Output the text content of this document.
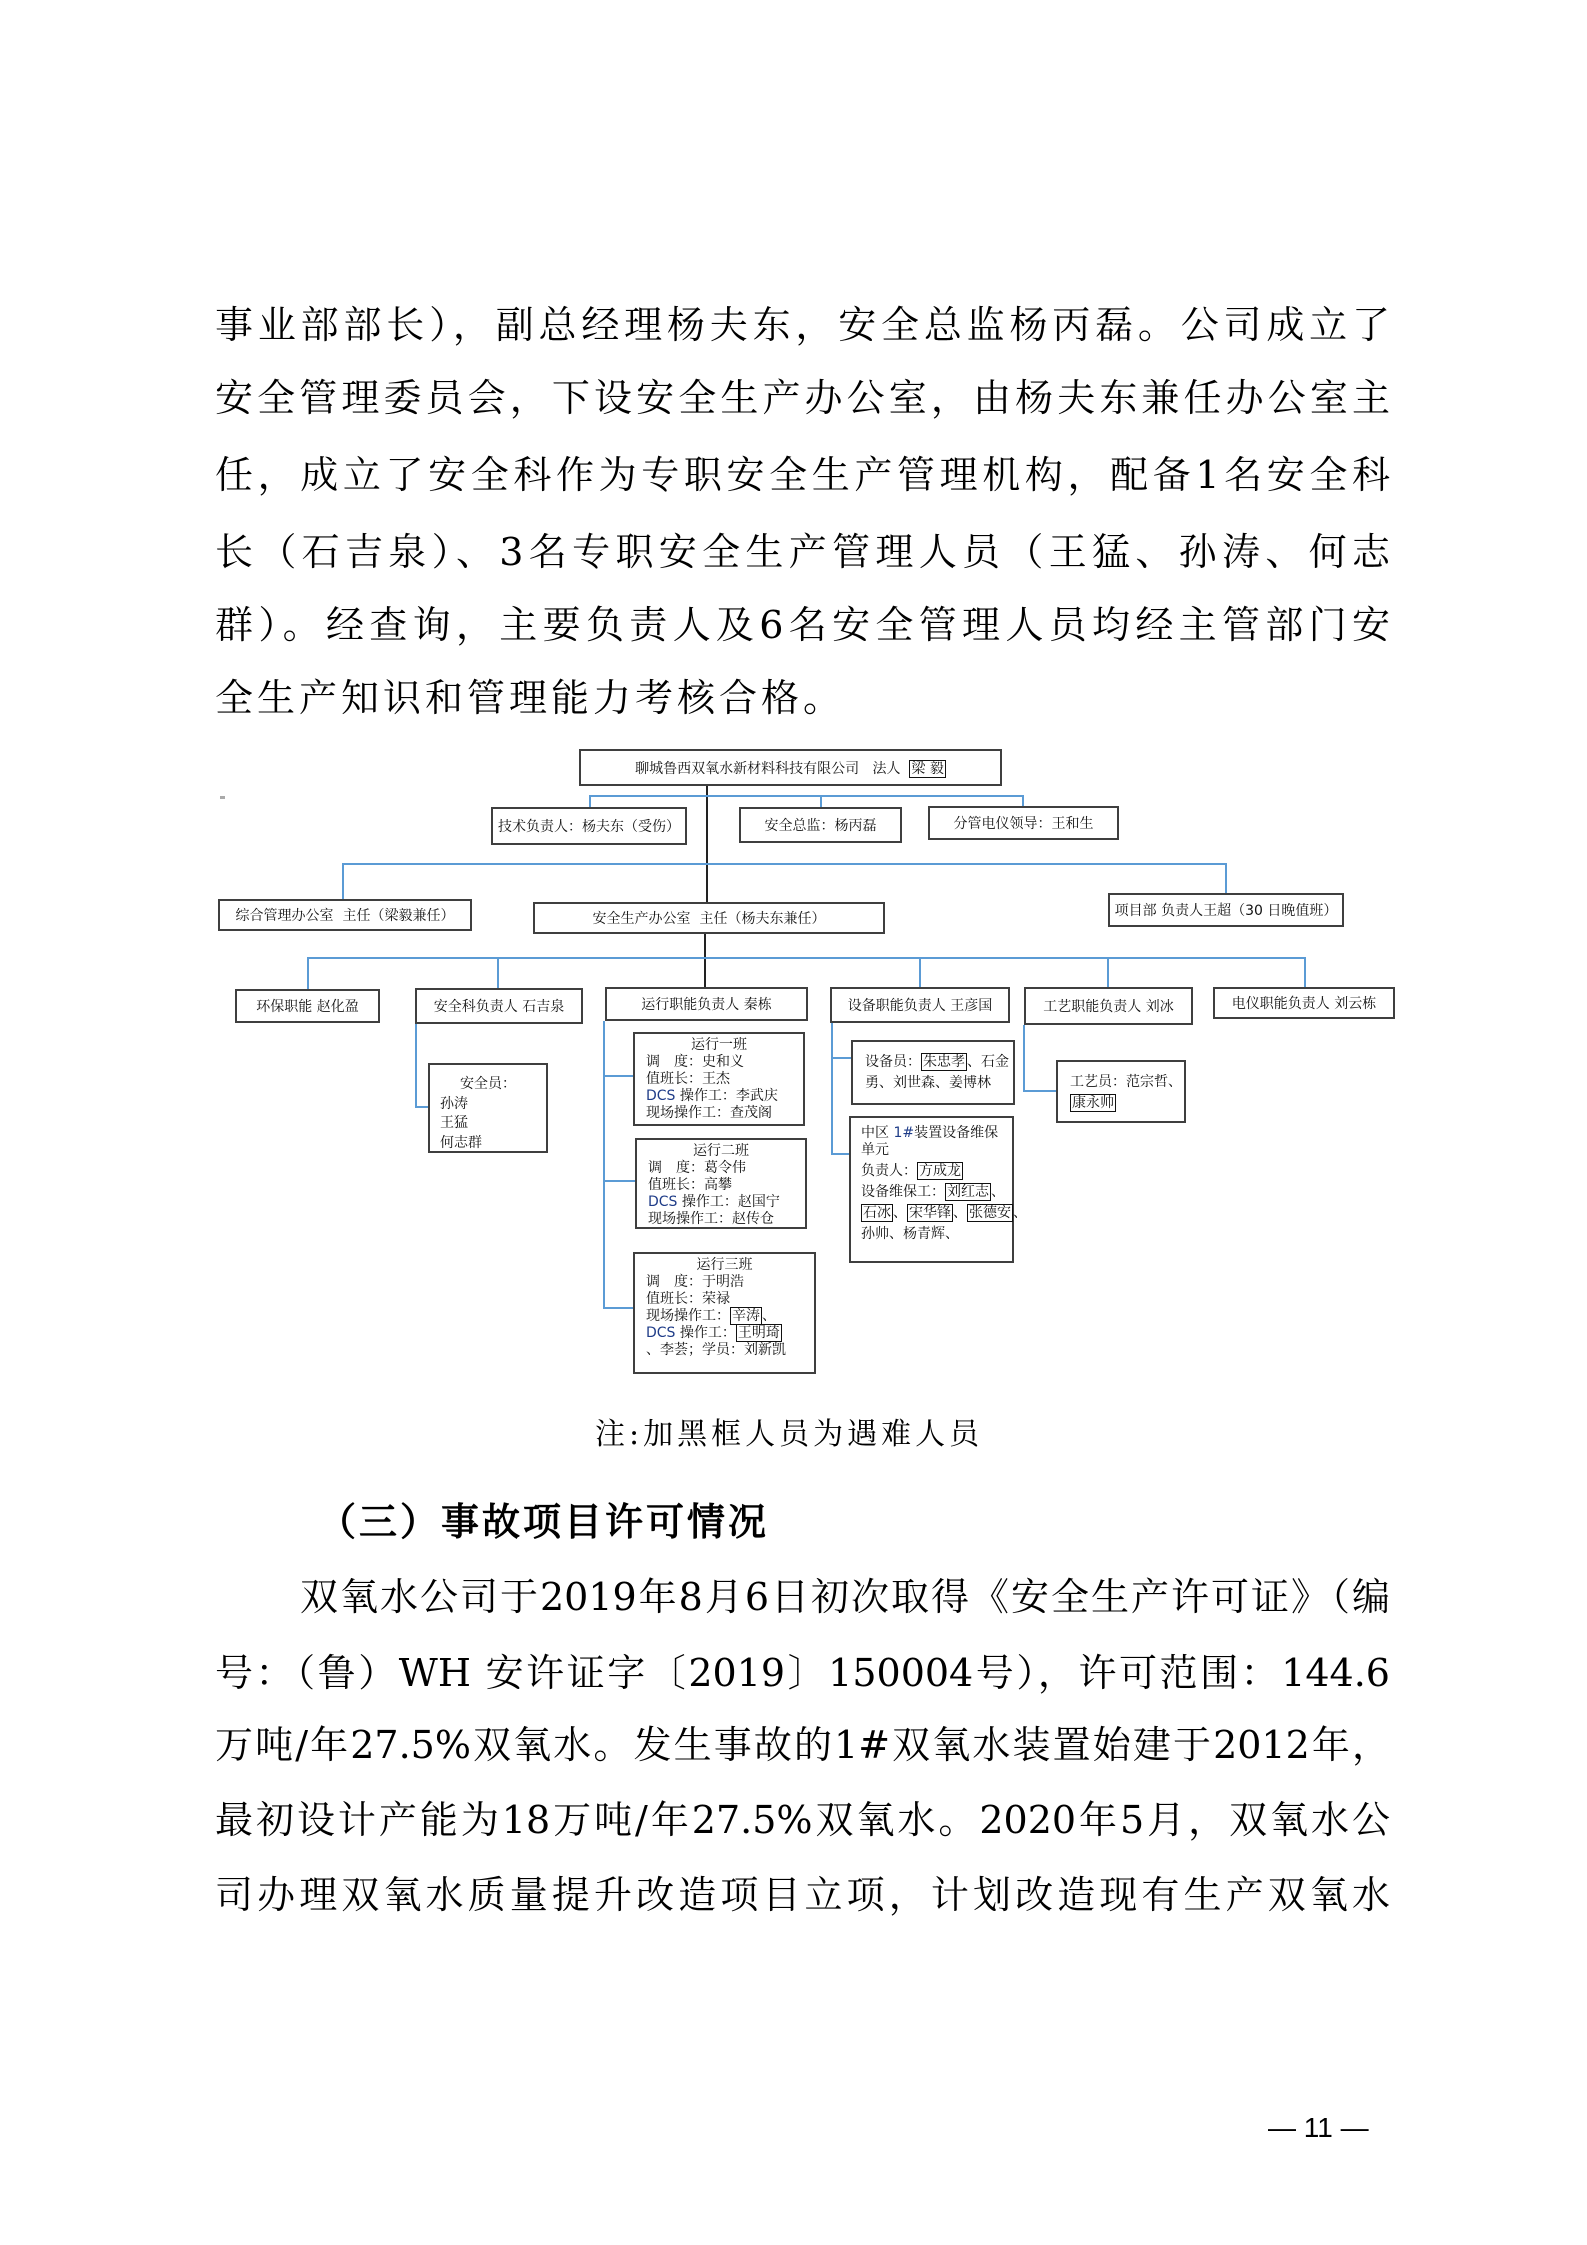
事业部部长），副总经理杨夫东，安全总监杨丙磊。公司成立了
安全管理委员会，下设安全生产办公室，由杨夫东兼任办公室主
任，成立了安全科作为专职安全生产管理机构，配备1名安全科
长（石吉泉）、3名专职安全生产管理人员（王猛、孙涛、何志
群）。经查询，主要负责人及6名安全管理人员均经主管部门安
全生产知识和管理能力考核合格。
聊城鲁西双氧水新材料科技有限公司   法人  梁 毅
技术负责人：杨夫东（受伤）	安全总监：杨丙磊	分管电仪领导：王和生
综合管理办公室  主任（梁毅兼任）	安全生产办公室  主任（杨夫东兼任）	项目部 负责人王超（30 日晚值班）
环保职能 赵化盈	安全科负责人 石吉泉	运行职能负责人 秦栋	设备职能负责人 王彦国	工艺职能负责人 刘冰	电仪职能负责人 刘云栋
安全员：
孙涛
王猛
何志群
运行一班
调　度：史和义
值班长：王杰
DCS 操作工：李武庆
现场操作工：查茂阁
运行二班
调　度：葛令伟
值班长：高攀
DCS 操作工：赵国宁
现场操作工：赵传仓
运行三班
调　度：于明浩
值班长：荣禄
现场操作工： 辛涛 、
DCS 操作工： 王明琦
、李荟；学员：刘新凯
设备员： 朱忠孝 、石金
勇、刘世森、姜博林
中区 1#装置设备维保
单元
负责人： 方成龙
设备维保工： 刘红志 、
石冰 、 宋华锋 、 张德安 、
孙帅、杨青辉、
工艺员：范宗哲、
康永帅
注:加黑框人员为遇难人员
（三）事故项目许可情况
双氧水公司于2019年8月6日初次取得《安全生产许可证》（编
号：（鲁）WH 安许证字〔2019〕150004号），许可范围：144.6
万吨/年27.5%双氧水。发生事故的1#双氧水装置始建于2012年，
最初设计产能为18万吨/年27.5%双氧水。2020年5月，双氧水公
司办理双氧水质量提升改造项目立项，计划改造现有生产双氧水
— 11 —
